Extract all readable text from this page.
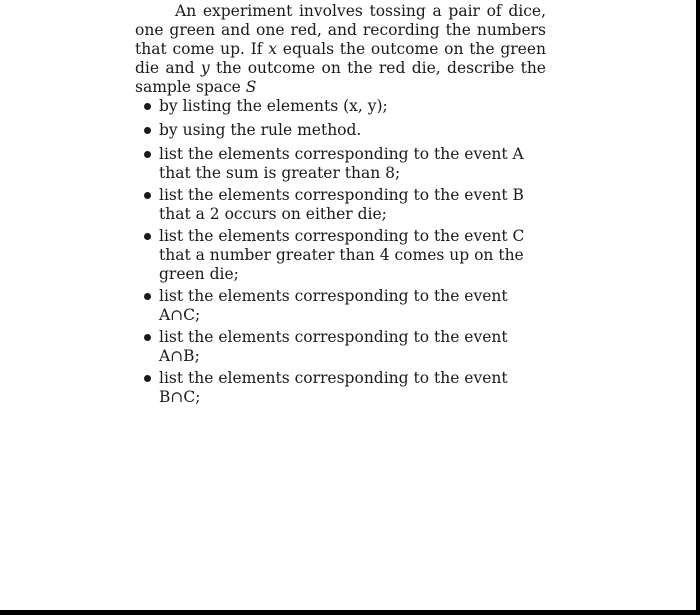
An experiment involves tossing a pair of dice, one green and one red, and recording the numbers that come up. If x equals the outcome on the green die and y the outcome on the red die, describe the sample space S

by listing the elements (x, y);
by using the rule method.
list the elements corresponding to the event A that the sum is greater than 8;
list the elements corresponding to the event B that a 2 occurs on either die;
list the elements corresponding to the event C that a number greater than 4 comes up on the green die;
list the elements corresponding to the event A∩C;
list the elements corresponding to the event A∩B;
list the elements corresponding to the event B∩C;
